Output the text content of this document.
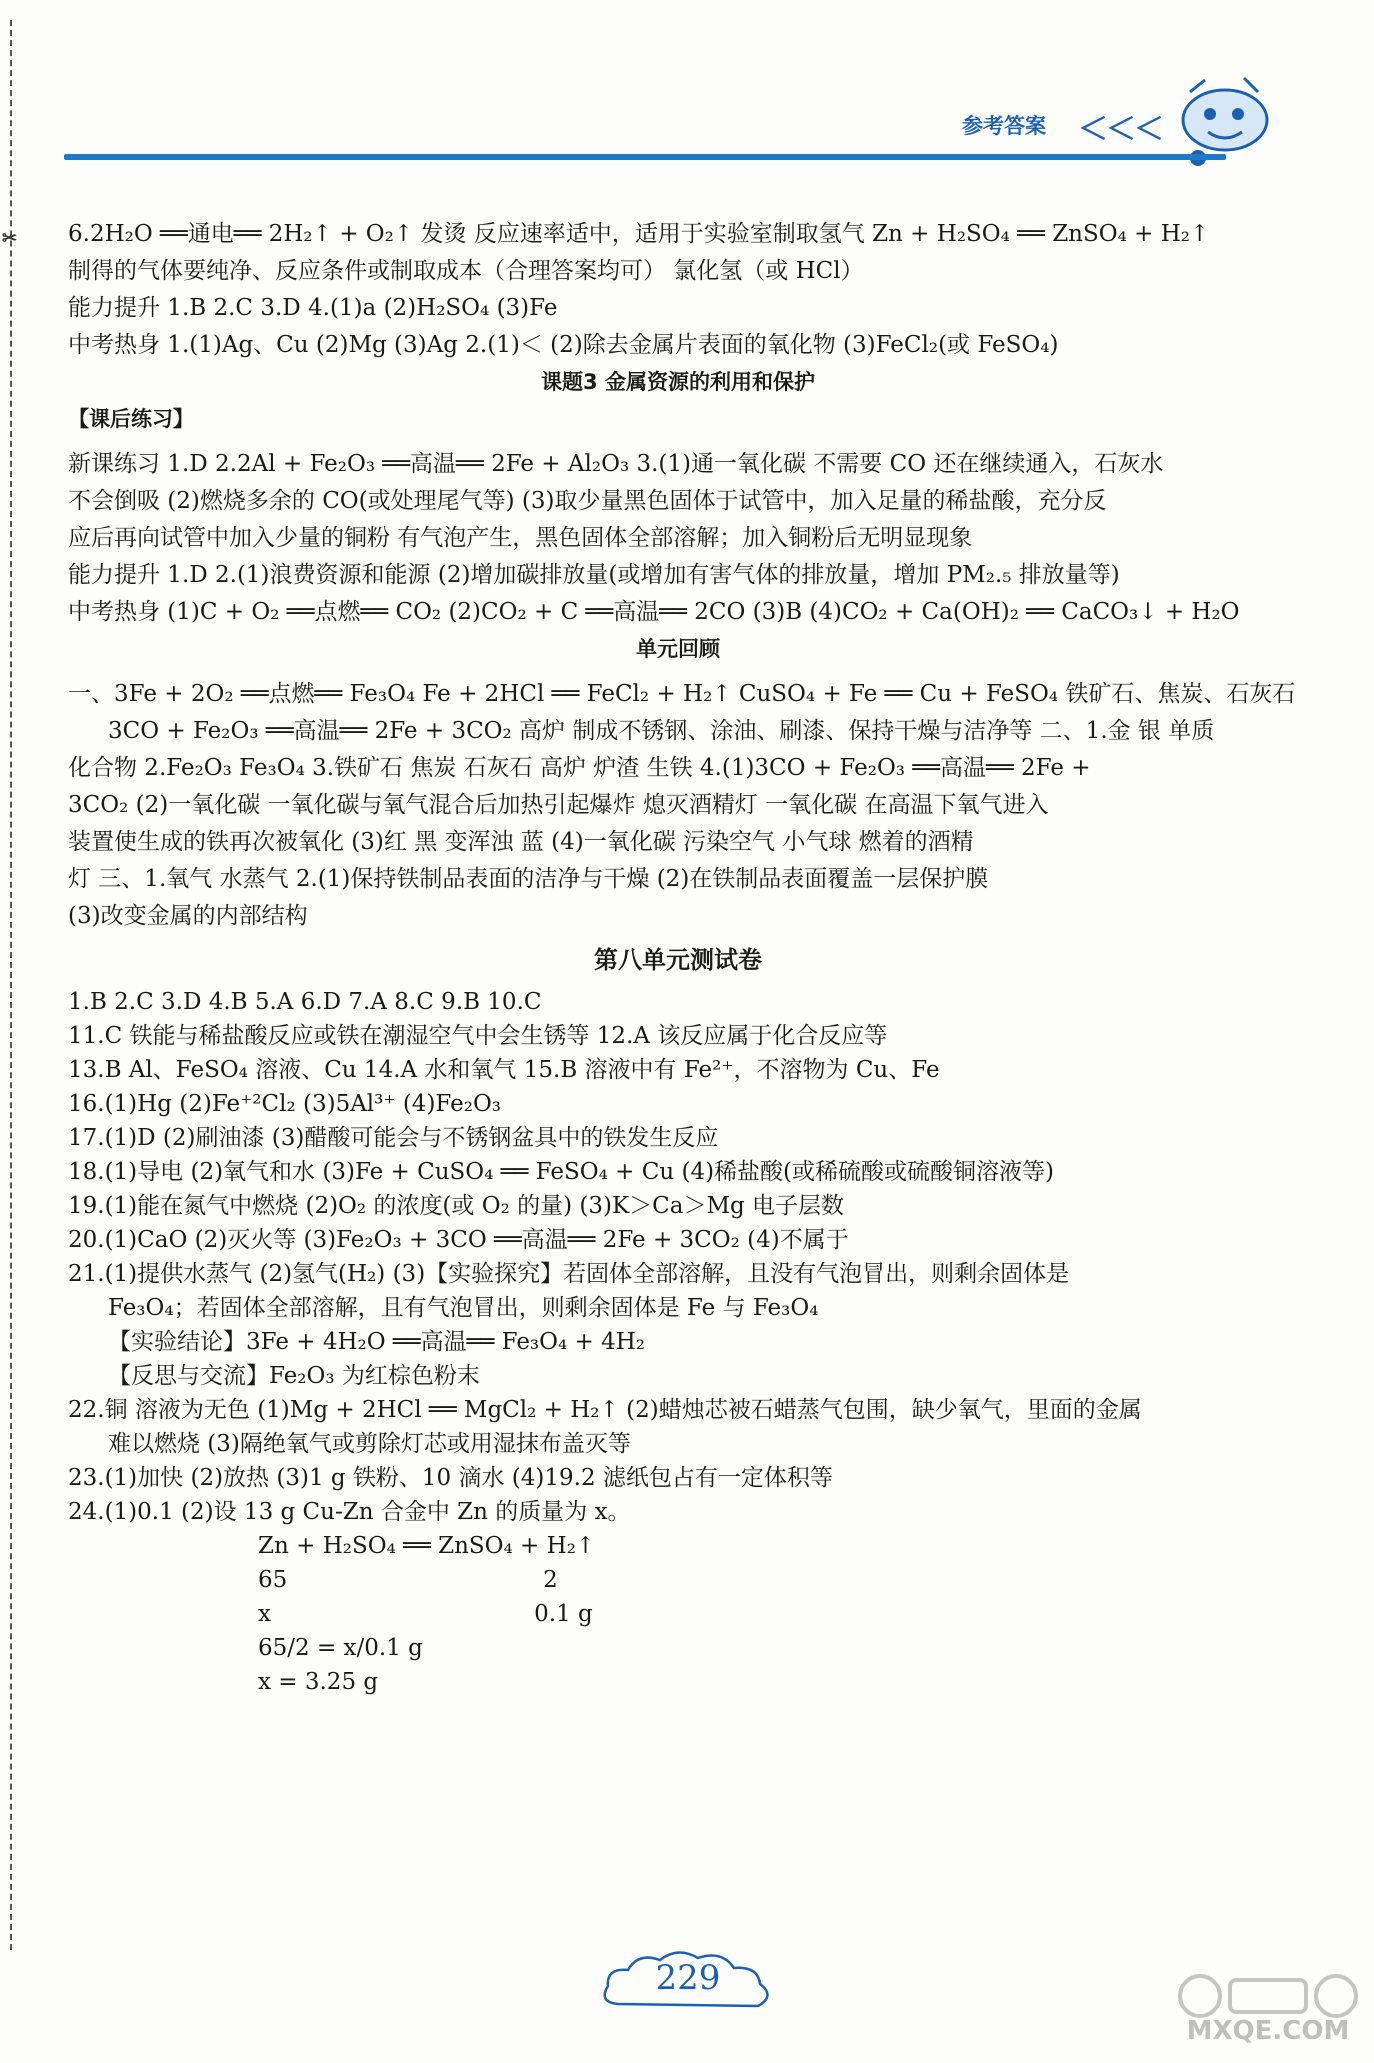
✂
参考答案	＜＜＜
6.2H₂O ══通电══ 2H₂↑ + O₂↑ 发烫 反应速率适中，适用于实验室制取氢气 Zn + H₂SO₄ ══ ZnSO₄ + H₂↑
制得的气体要纯净、反应条件或制取成本（合理答案均可） 氯化氢（或 HCl）
能力提升 1.B 2.C 3.D 4.(1)a (2)H₂SO₄ (3)Fe
中考热身 1.(1)Ag、Cu (2)Mg (3)Ag 2.(1)＜ (2)除去金属片表面的氧化物 (3)FeCl₂(或 FeSO₄)
课题3 金属资源的利用和保护
【课后练习】
新课练习 1.D 2.2Al + Fe₂O₃ ══高温══ 2Fe + Al₂O₃ 3.(1)通一氧化碳 不需要 CO 还在继续通入，石灰水
不会倒吸 (2)燃烧多余的 CO(或处理尾气等) (3)取少量黑色固体于试管中，加入足量的稀盐酸，充分反
应后再向试管中加入少量的铜粉 有气泡产生，黑色固体全部溶解；加入铜粉后无明显现象
能力提升 1.D 2.(1)浪费资源和能源 (2)增加碳排放量(或增加有害气体的排放量，增加 PM₂.₅ 排放量等)
中考热身 (1)C + O₂ ══点燃══ CO₂ (2)CO₂ + C ══高温══ 2CO (3)B (4)CO₂ + Ca(OH)₂ ══ CaCO₃↓ + H₂O
单元回顾
一、3Fe + 2O₂ ══点燃══ Fe₃O₄ Fe + 2HCl ══ FeCl₂ + H₂↑ CuSO₄ + Fe ══ Cu + FeSO₄ 铁矿石、焦炭、石灰石
3CO + Fe₂O₃ ══高温══ 2Fe + 3CO₂ 高炉 制成不锈钢、涂油、刷漆、保持干燥与洁净等 二、1.金 银 单质
化合物 2.Fe₂O₃ Fe₃O₄ 3.铁矿石 焦炭 石灰石 高炉 炉渣 生铁 4.(1)3CO + Fe₂O₃ ══高温══ 2Fe +
3CO₂ (2)一氧化碳 一氧化碳与氧气混合后加热引起爆炸 熄灭酒精灯 一氧化碳 在高温下氧气进入
装置使生成的铁再次被氧化 (3)红 黑 变浑浊 蓝 (4)一氧化碳 污染空气 小气球 燃着的酒精
灯 三、1.氧气 水蒸气 2.(1)保持铁制品表面的洁净与干燥 (2)在铁制品表面覆盖一层保护膜
(3)改变金属的内部结构
第八单元测试卷
1.B 2.C 3.D 4.B 5.A 6.D 7.A 8.C 9.B 10.C
11.C 铁能与稀盐酸反应或铁在潮湿空气中会生锈等 12.A 该反应属于化合反应等
13.B Al、FeSO₄ 溶液、Cu 14.A 水和氧气 15.B 溶液中有 Fe²⁺，不溶物为 Cu、Fe
16.(1)Hg (2)Fe⁺²Cl₂ (3)5Al³⁺ (4)Fe₂O₃
17.(1)D (2)刷油漆 (3)醋酸可能会与不锈钢盆具中的铁发生反应
18.(1)导电 (2)氧气和水 (3)Fe + CuSO₄ ══ FeSO₄ + Cu (4)稀盐酸(或稀硫酸或硫酸铜溶液等)
19.(1)能在氮气中燃烧 (2)O₂ 的浓度(或 O₂ 的量) (3)K＞Ca＞Mg 电子层数
20.(1)CaO (2)灭火等 (3)Fe₂O₃ + 3CO ══高温══ 2Fe + 3CO₂ (4)不属于
21.(1)提供水蒸气 (2)氢气(H₂) (3)【实验探究】若固体全部溶解，且没有气泡冒出，则剩余固体是
Fe₃O₄；若固体全部溶解，且有气泡冒出，则剩余固体是 Fe 与 Fe₃O₄
【实验结论】3Fe + 4H₂O ══高温══ Fe₃O₄ + 4H₂
【反思与交流】Fe₂O₃ 为红棕色粉末
22.铜 溶液为无色 (1)Mg + 2HCl ══ MgCl₂ + H₂↑ (2)蜡烛芯被石蜡蒸气包围，缺少氧气，里面的金属
难以燃烧 (3)隔绝氧气或剪除灯芯或用湿抹布盖灭等
23.(1)加快 (2)放热 (3)1 g 铁粉、10 滴水 (4)19.2 滤纸包占有一定体积等
24.(1)0.1 (2)设 13 g Cu-Zn 合金中 Zn 的质量为 x。
Zn + H₂SO₄ ══ ZnSO₄ + H₂↑
65                                   2
x                                    0.1 g
65/2 = x/0.1 g
x = 3.25 g
229
MXQE.COM
